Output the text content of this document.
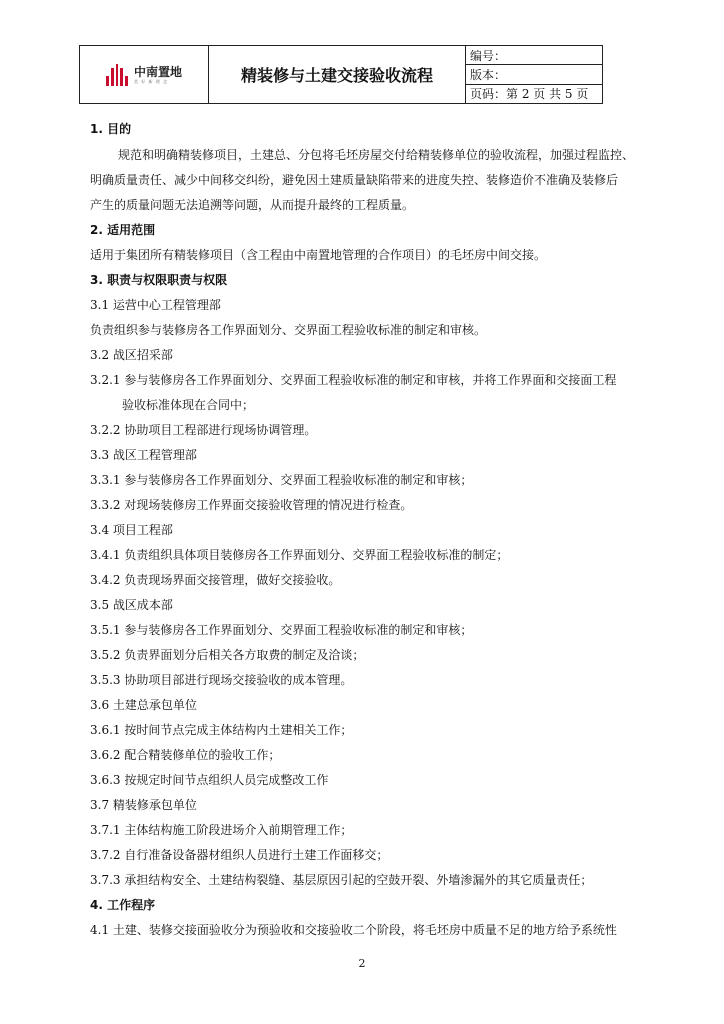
中南置地
美 好 新 理 念	精装修与土建交接验收流程
编号：
版本：
页码：第 2 页 共 5 页
1. 目的
规范和明确精装修项目，土建总、分包将毛坯房屋交付给精装修单位的验收流程，加强过程监控、
明确质量责任、减少中间移交纠纷，避免因土建质量缺陷带来的进度失控、装修造价不准确及装修后
产生的质量问题无法追溯等问题，从而提升最终的工程质量。
2. 适用范围
适用于集团所有精装修项目（含工程由中南置地管理的合作项目）的毛坯房中间交接。
3. 职责与权限职责与权限
3.1 运营中心工程管理部
负责组织参与装修房各工作界面划分、交界面工程验收标准的制定和审核。
3.2 战区招采部
3.2.1 参与装修房各工作界面划分、交界面工程验收标准的制定和审核，并将工作界面和交接面工程
验收标准体现在合同中；
3.2.2 协助项目工程部进行现场协调管理。
3.3 战区工程管理部
3.3.1 参与装修房各工作界面划分、交界面工程验收标准的制定和审核；
3.3.2 对现场装修房工作界面交接验收管理的情况进行检查。
3.4 项目工程部
3.4.1 负责组织具体项目装修房各工作界面划分、交界面工程验收标准的制定；
3.4.2 负责现场界面交接管理，做好交接验收。
3.5 战区成本部
3.5.1 参与装修房各工作界面划分、交界面工程验收标准的制定和审核；
3.5.2 负责界面划分后相关各方取费的制定及洽谈；
3.5.3 协助项目部进行现场交接验收的成本管理。
3.6 土建总承包单位
3.6.1 按时间节点完成主体结构内土建相关工作；
3.6.2 配合精装修单位的验收工作；
3.6.3 按规定时间节点组织人员完成整改工作
3.7 精装修承包单位
3.7.1 主体结构施工阶段进场介入前期管理工作；
3.7.2 自行准备设备器材组织人员进行土建工作面移交；
3.7.3 承担结构安全、土建结构裂缝、基层原因引起的空鼓开裂、外墙渗漏外的其它质量责任；
4. 工作程序
4.1 土建、装修交接面验收分为预验收和交接验收二个阶段，将毛坯房中质量不足的地方给予系统性
2
